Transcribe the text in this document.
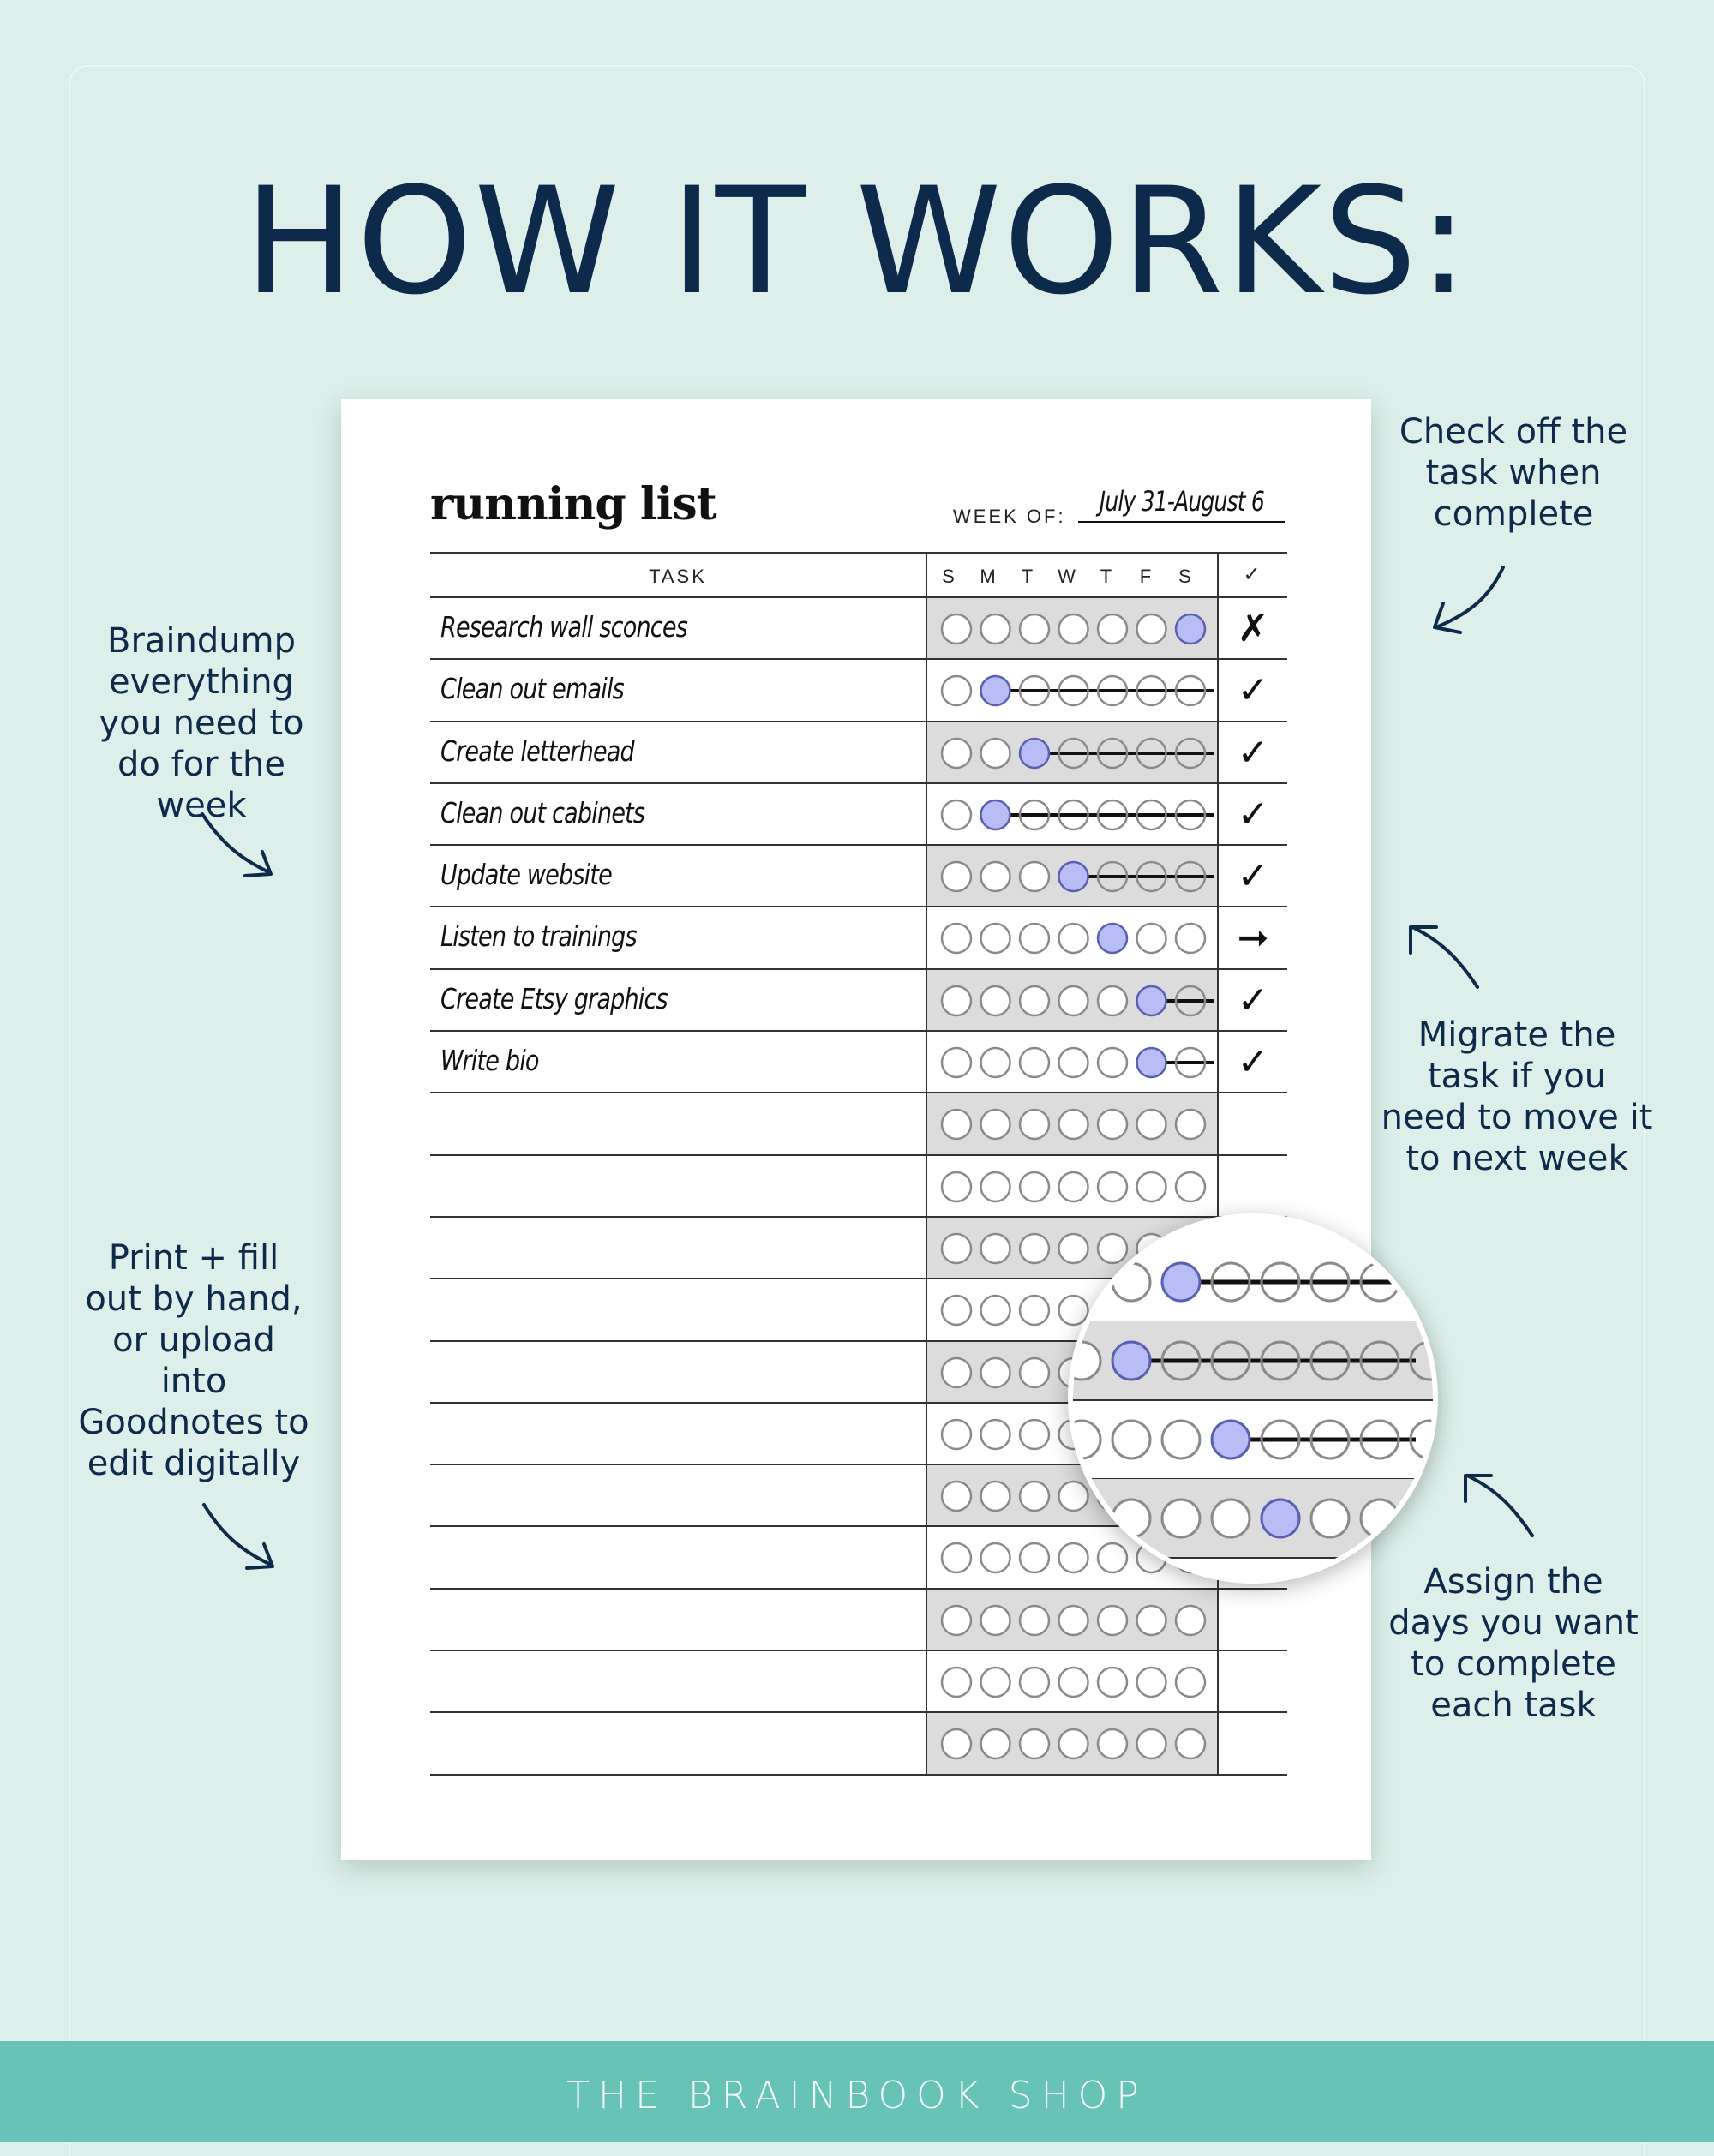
HOW IT WORKS:
Braindump everything you need to do for the week
Check off the task when complete
Migrate the task if you need to move it to next week
Print + fill out by hand, or upload into Goodnotes to edit digitally
Assign the days you want to complete each task
running list	WEEK OF:	July 31-August 6
TASK	S	M	T	W	T	F	S	✓
Research wall sconces	✗
Clean out emails	✓
Create letterhead	✓
Clean out cabinets	✓
Update website	✓
Listen to trainings	➞
Create Etsy graphics	✓
Write bio	✓
THE BRAINBOOK SHOP
